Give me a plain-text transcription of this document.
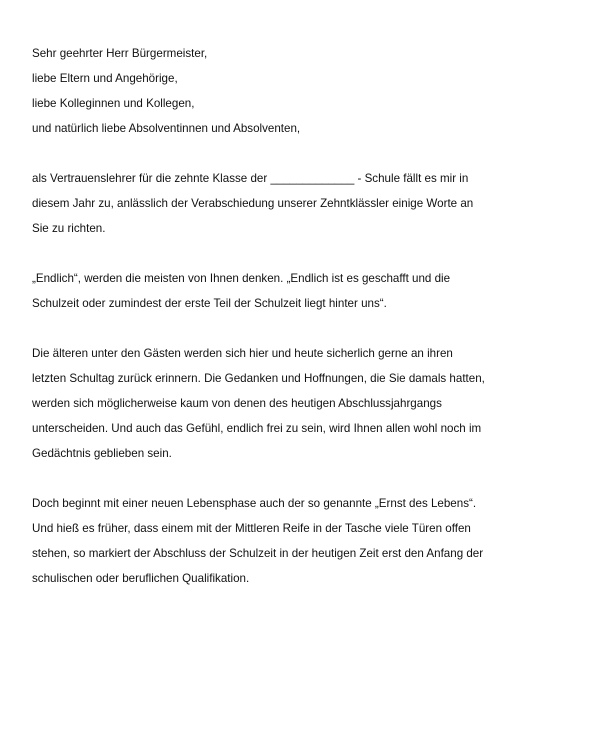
Sehr geehrter Herr Bürgermeister,
liebe Eltern und Angehörige,
liebe Kolleginnen und Kollegen,
und natürlich liebe Absolventinnen und Absolventen,
als Vertrauenslehrer für die zehnte Klasse der _____________ - Schule fällt es mir in
diesem Jahr zu, anlässlich der Verabschiedung unserer Zehntklässler einige Worte an
Sie zu richten.
„Endlich“, werden die meisten von Ihnen denken. „Endlich ist es geschafft und die
Schulzeit oder zumindest der erste Teil der Schulzeit liegt hinter uns“.
Die älteren unter den Gästen werden sich hier und heute sicherlich gerne an ihren
letzten Schultag zurück erinnern. Die Gedanken und Hoffnungen, die Sie damals hatten,
werden sich möglicherweise kaum von denen des heutigen Abschlussjahrgangs
unterscheiden. Und auch das Gefühl, endlich frei zu sein, wird Ihnen allen wohl noch im
Gedächtnis geblieben sein.
Doch beginnt mit einer neuen Lebensphase auch der so genannte „Ernst des Lebens“.
Und hieß es früher, dass einem mit der Mittleren Reife in der Tasche viele Türen offen
stehen, so markiert der Abschluss der Schulzeit in der heutigen Zeit erst den Anfang der
schulischen oder beruflichen Qualifikation.
